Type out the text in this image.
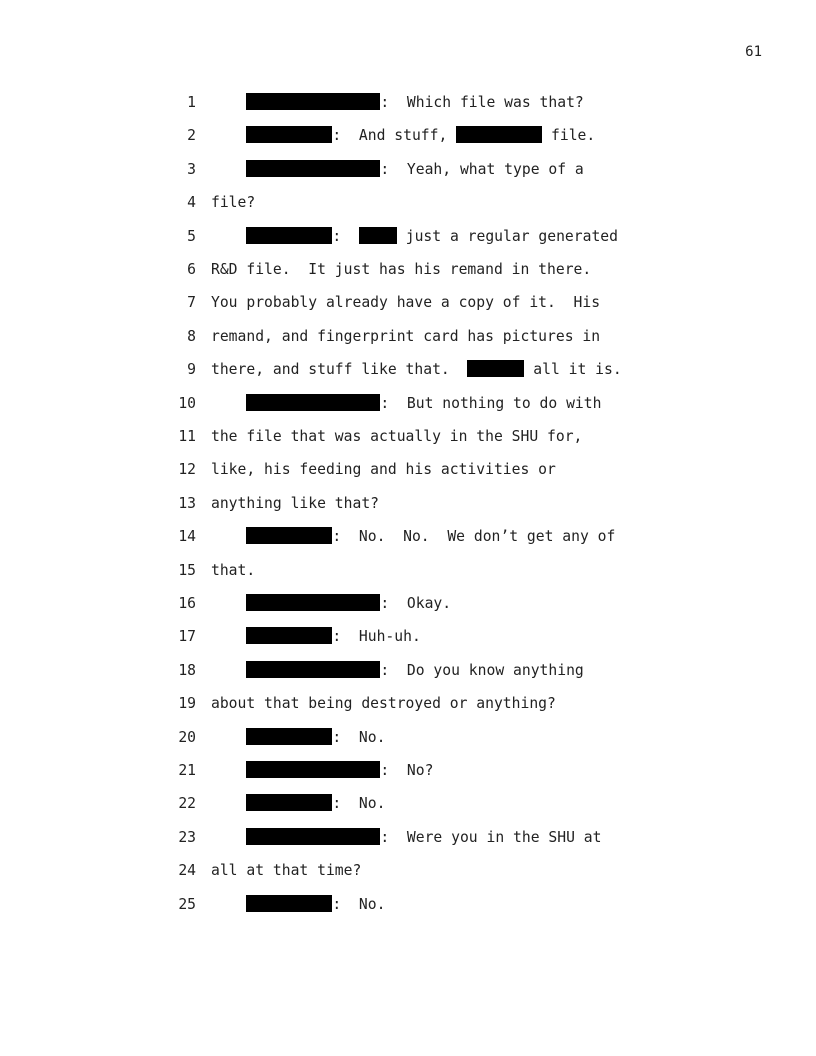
61
1	:  Which file was that?
2	:  And stuff,	file.
3	:  Yeah, what type of a
4 file?
5	:	just a regular generated
6 R&D file.  It just has his remand in there.
7 You probably already have a copy of it.  His
8 remand, and fingerprint card has pictures in
9 there, and stuff like that.	all it is.
10	:  But nothing to do with
11 the file that was actually in the SHU for,
12 like, his feeding and his activities or
13 anything like that?
14	:  No.  No.  We don’t get any of
15 that.
16	:  Okay.
17	:  Huh-uh.
18	:  Do you know anything
19 about that being destroyed or anything?
20	:  No.
21	:  No?
22	:  No.
23	:  Were you in the SHU at
24 all at that time?
25	:  No.
